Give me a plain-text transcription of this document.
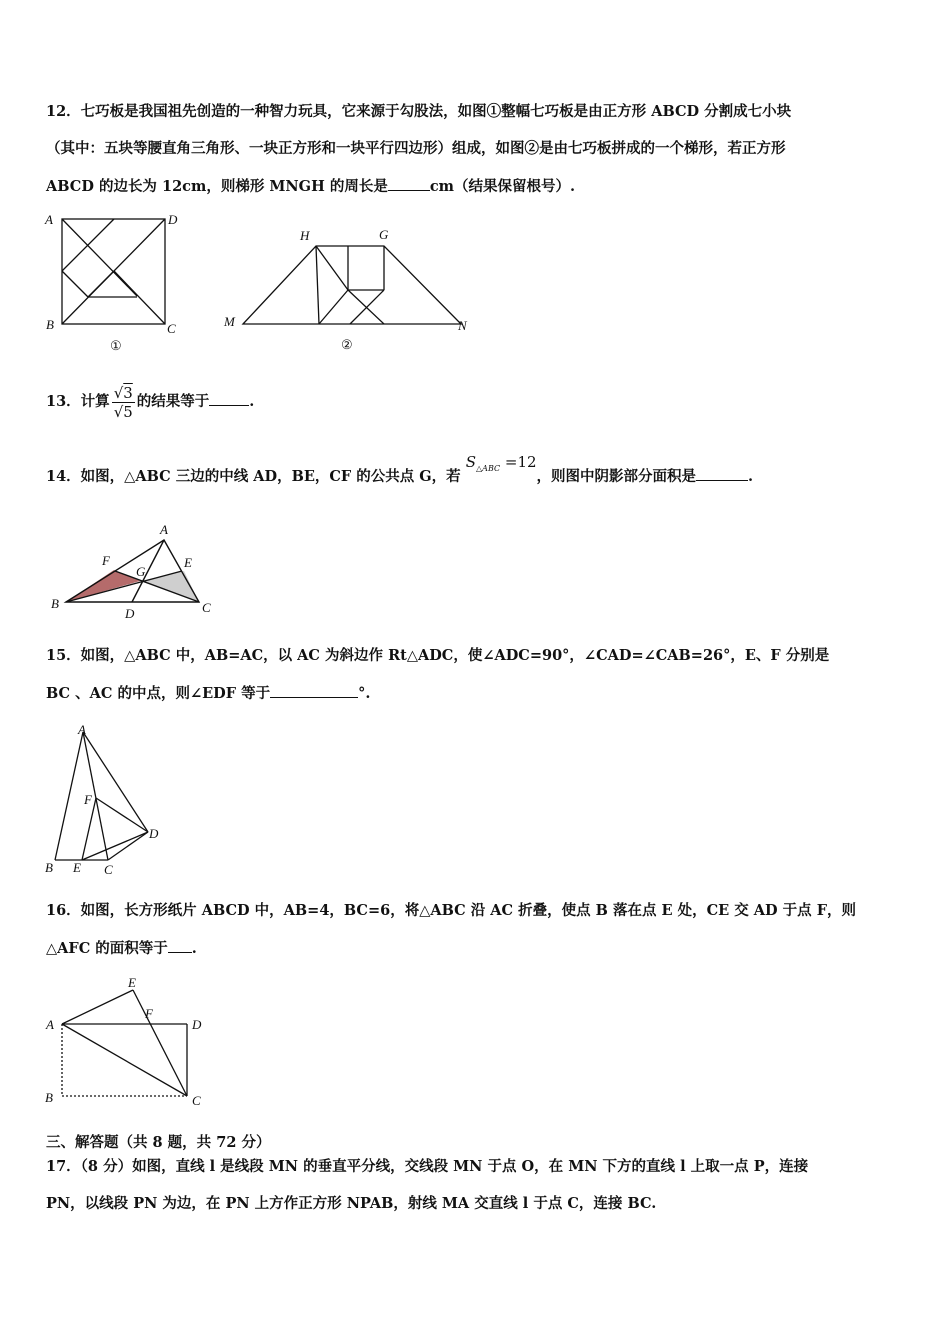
12．七巧板是我国祖先创造的一种智力玩具，它来源于勾股法，如图①整幅七巧板是由正方形 ABCD 分割成七小块
（其中：五块等腰直角三角形、一块正方形和一块平行四边形）组成，如图②是由七巧板拼成的一个梯形，若正方形
ABCD 的边长为 12cm，则梯形 MNGH 的周长是	cm（结果保留根号）.
A	D
B	C
①
H	G
M	N
②
13．计算 $\frac{√3}{√5}$ 的结果等于	.
14．如图，△ABC 三边的中线 AD，BE，CF 的公共点 G，若 $S_{\triangle ABC} =12$，则图中阴影部分面积是	.
A
B	C
D
E
F
G
15．如图，△ABC 中，AB=AC，以 AC 为斜边作 Rt△ADC，使∠ADC=90°，∠CAD=∠CAB=26°，E、F 分别是
BC 、AC 的中点，则∠EDF 等于	°.
A
F
D
B E C
16．如图，长方形纸片 ABCD 中，AB=4，BC=6，将△ABC 沿 AC 折叠，使点 B 落在点 E 处，CE 交 AD 于点 F，则
△AFC 的面积等于 .
A
E
F
D
B	C
三、解答题（共 8 题，共 72 分）
17．（8 分）如图，直线 l 是线段 MN 的垂直平分线，交线段 MN 于点 O，在 MN 下方的直线 l 上取一点 P，连接
PN，以线段 PN 为边，在 PN 上方作正方形 NPAB，射线 MA 交直线 l 于点 C，连接 BC.
